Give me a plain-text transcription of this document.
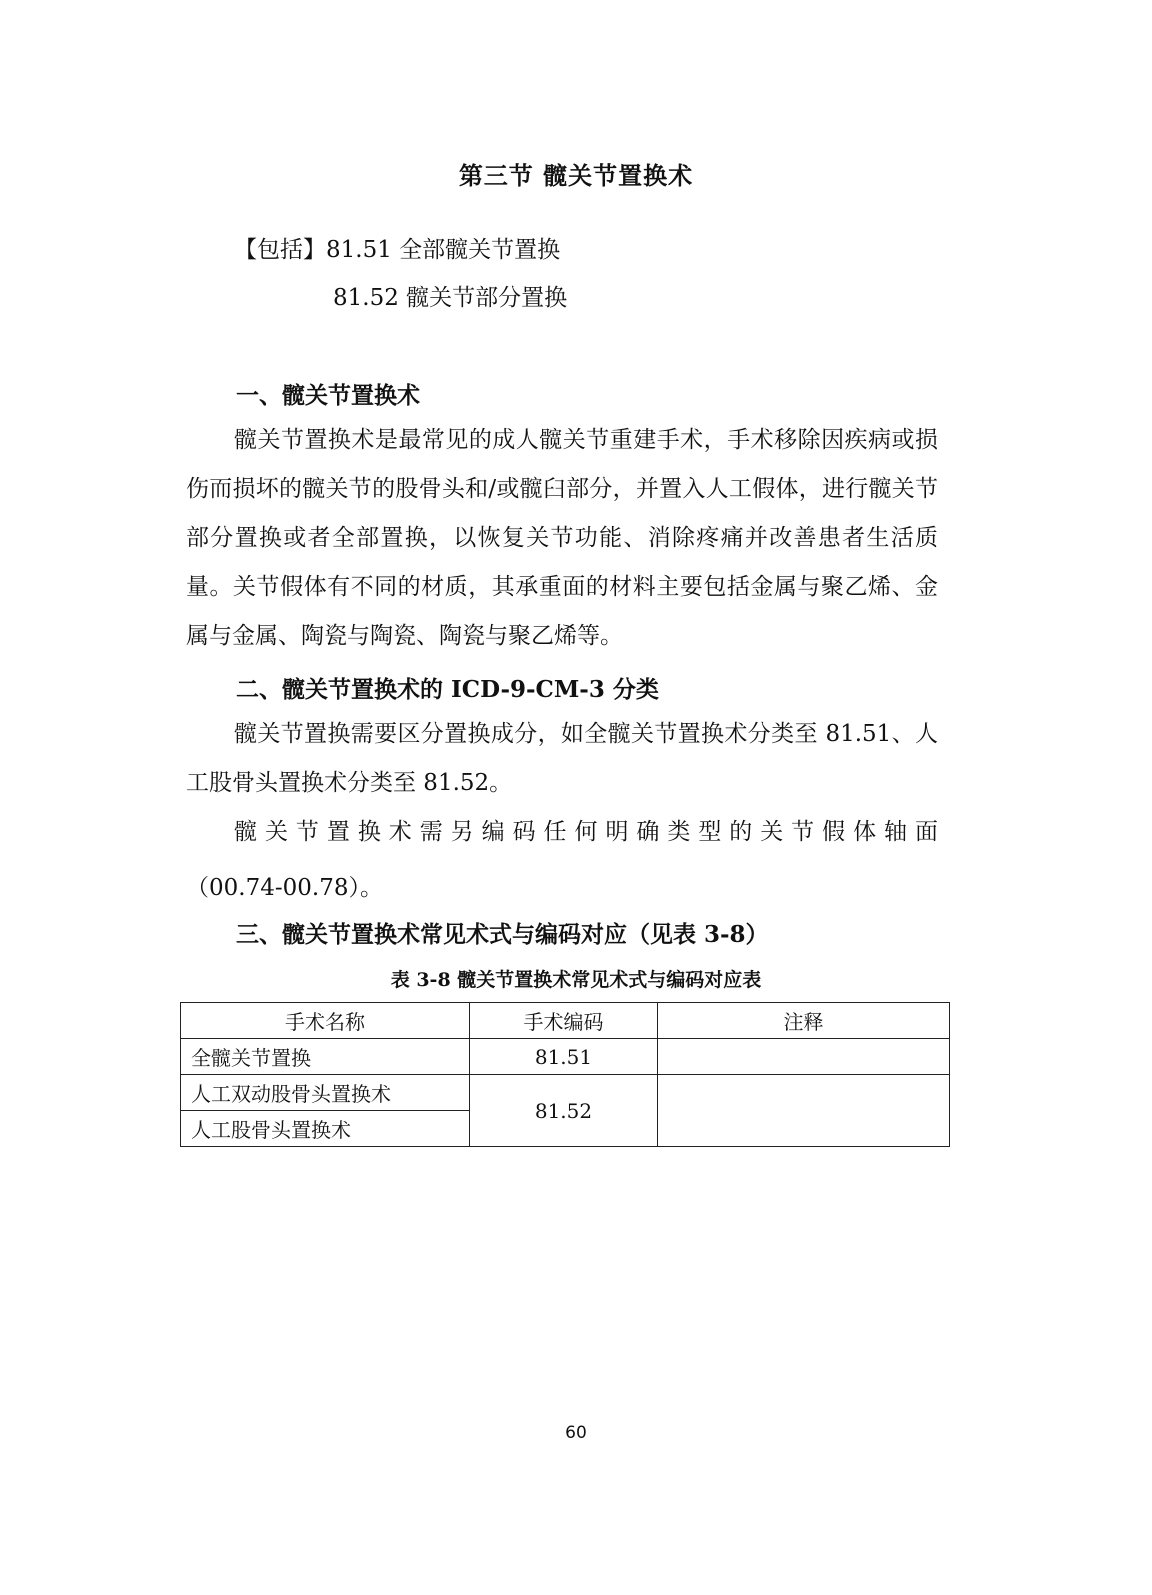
第三节 髋关节置换术
【包括】81.51 全部髋关节置换
81.52 髋关节部分置换
一、髋关节置换术

髋关节置换术是最常见的成人髋关节重建手术，手术移除因疾病或损伤而损坏的髋关节的股骨头和/或髋臼部分，并置入人工假体，进行髋关节部分置换或者全部置换，以恢复关节功能、消除疼痛并改善患者生活质量。关节假体有不同的材质，其承重面的材料主要包括金属与聚乙烯、金属与金属、陶瓷与陶瓷、陶瓷与聚乙烯等。

二、髋关节置换术的 ICD-9-CM-3 分类

髋关节置换需要区分置换成分，如全髋关节置换术分类至 81.51、人工股骨头置换术分类至 81.52。

髋关节置换术需另编码任何明确类型的关节假体轴面

（00.74-00.78）。
三、髋关节置换术常见术式与编码对应（见表 3-8）
表 3-8 髋关节置换术常见术式与编码对应表
手术名称	手术编码	注释
全髋关节置换	81.51	
人工双动股骨头置换术	81.52	
人工股骨头置换术		
60
